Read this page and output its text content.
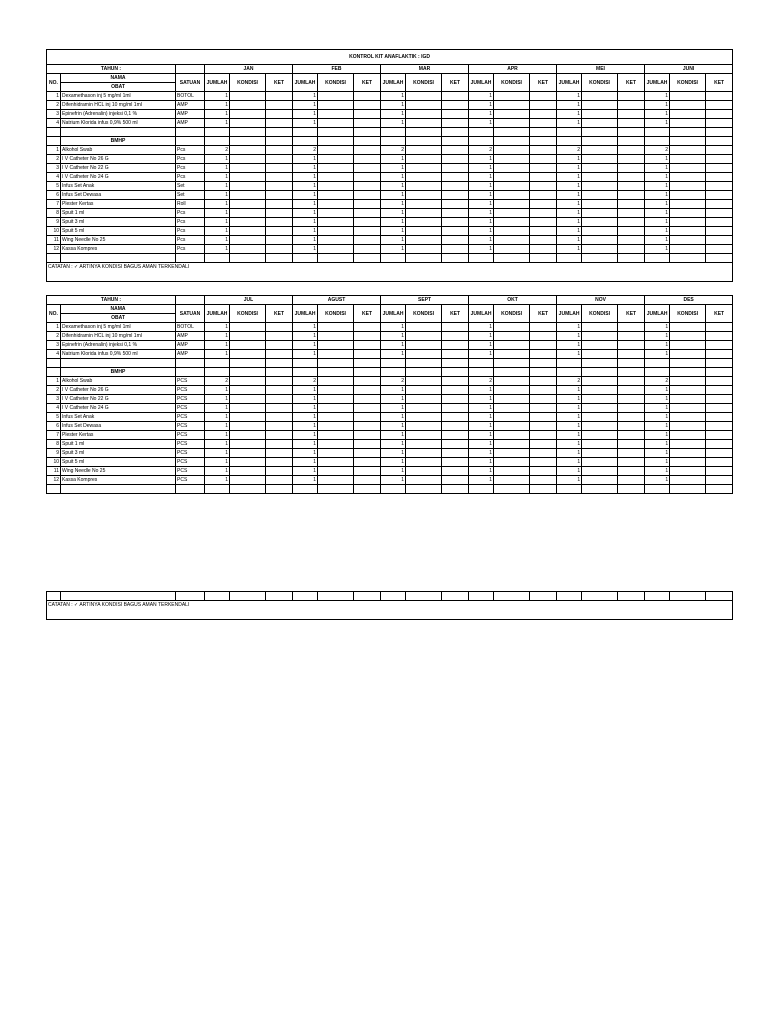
KONTROL KIT ANAFLAKTIK : IGD																				
TAHUN :			JAN			FEB			MAR			APR			MEI			JUNI		
NO.	NAMA	SATUAN	JUMLAH	KONDISI	KET	JUMLAH	KONDISI	KET	JUMLAH	KONDISI	KET	JUMLAH	KONDISI	KET	JUMLAH	KONDISI	KET	JUMLAH	KONDISI	KET
	OBAT																			
1	Dexamethason inj 5 mg/ml 1ml	BOTOL	1			1			1			1			1			1		
2	Difenhidramin HCL inj 10 mg/ml 1ml	AMP	1			1			1			1			1			1		
3	Epinefrin (Adrenalin) injeksi 0,1 %	AMP	1			1			1			1			1			1		
4	Natrium Klorida infus 0,9% 500 ml	AMP	1			1			1			1			1			1		

	BMHP																			
1	Alkohol Swab	Pcs	2			2			2			2			2			2		
2	I V Catheter No 26 G	Pcs	1			1			1			1			1			1		
3	I V Catheter No 22 G	Pcs	1			1			1			1			1			1		
4	I V Catheter No 24 G	Pcs	1			1			1			1			1			1		
5	Infus Set Anak	Set	1			1			1			1			1			1		
6	Infus Set Dewasa	Set	1			1			1			1			1			1		
7	Plester Kertas	Roll	1			1			1			1			1			1		
8	Spuit 1 ml	Pcs	1			1			1			1			1			1		
9	Spuit 3 ml	Pcs	1			1			1			1			1			1		
10	Spuit 5 ml	Pcs	1			1			1			1			1			1		
11	Wing Needle No 25	Pcs	1			1			1			1			1			1		
12	Kassa Kompres	Pcs	1			1			1			1			1			1		

CATATAN : ✓ ARTINYA KONDISI BAGUS AMAN TERKENDALI																				
TAHUN :			JUL			AGUST			SEPT			OKT			NOV			DES		
NO.	NAMA	SATUAN	JUMLAH	KONDISI	KET	JUMLAH	KONDISI	KET	JUMLAH	KONDISI	KET	JUMLAH	KONDISI	KET	JUMLAH	KONDISI	KET	JUMLAH	KONDISI	KET
	OBAT																			
1	Dexamethason inj 5 mg/ml 1ml	BOTOL	1			1			1			1			1			1		
2	Difenhidramin HCL inj 10 mg/ml 1ml	AMP	1			1			1			1			1			1		
3	Epinefrin (Adrenalin) injeksi 0,1 %	AMP	1			1			1			1			1			1		
4	Natrium Klorida infus 0,9% 500 ml	AMP	1			1			1			1			1			1		

	BMHP																			
1	Alkohol Swab	PCS	2			2			2			2			2			2		
2	I V Catheter No 26 G	PCS	1			1			1			1			1			1		
3	I V Catheter No 22 G	PCS	1			1			1			1			1			1		
4	I V Catheter No 24 G	PCS	1			1			1			1			1			1		
5	Infus Set Anak	PCS	1			1			1			1			1			1		
6	Infus Set Dewasa	PCS	1			1			1			1			1			1		
7	Plester Kertas	PCS	1			1			1			1			1			1		
8	Spuit 1 ml	PCS	1			1			1			1			1			1		
9	Spuit 3 ml	PCS	1			1			1			1			1			1		
10	Spuit 5 ml	PCS	1			1			1			1			1			1		
11	Wing Needle No 25	PCS	1			1			1			1			1			1		
12	Kassa Kompres	PCS	1			1			1			1			1			1		

CATATAN : ✓ ARTINYA KONDISI BAGUS AMAN TERKENDALI
